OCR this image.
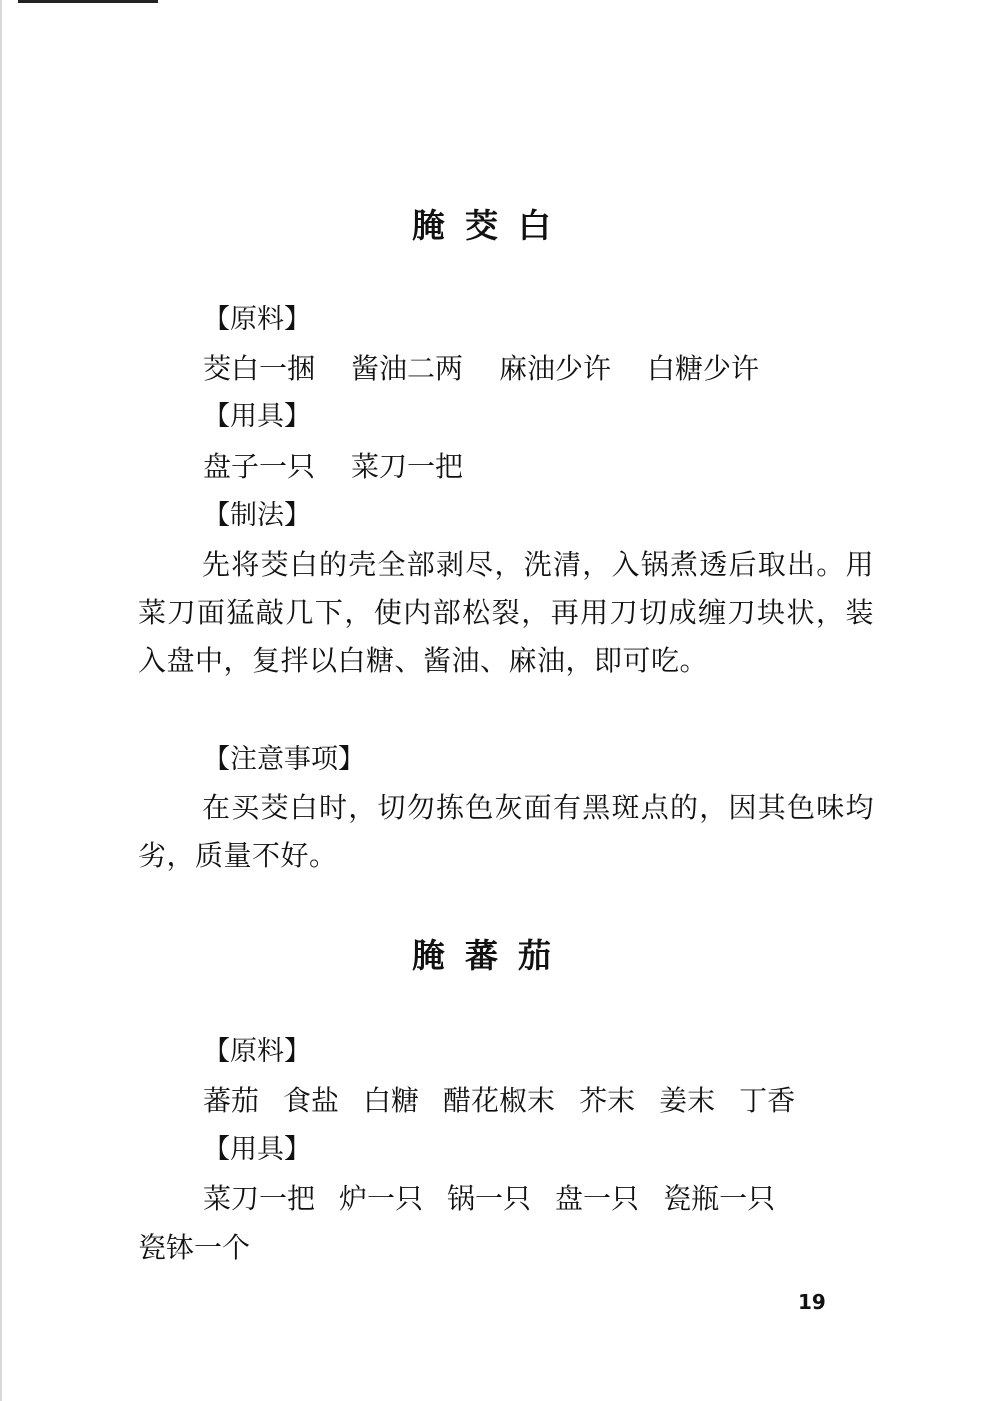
腌茭白
【原料】
茭白一捆 酱油二两 麻油少许 白糖少许
【用具】
盘子一只 菜刀一把
【制法】

先将茭白的壳全部剥尽，洗清，入锅煮透后取出。用菜刀面猛敲几下，使内部松裂，再用刀切成缠刀块状，装入盘中，复拌以白糖、酱油、麻油，即可吃。

【注意事项】

在买茭白时，切勿拣色灰面有黑斑点的，因其色味均劣，质量不好。

腌蕃茄
【原料】
蕃茄 食盐 白糖 醋花椒末 芥末 姜末 丁香
【用具】
菜刀一把 炉一只 锅一只 盘一只 瓷瓶一只
瓷钵一个
19
